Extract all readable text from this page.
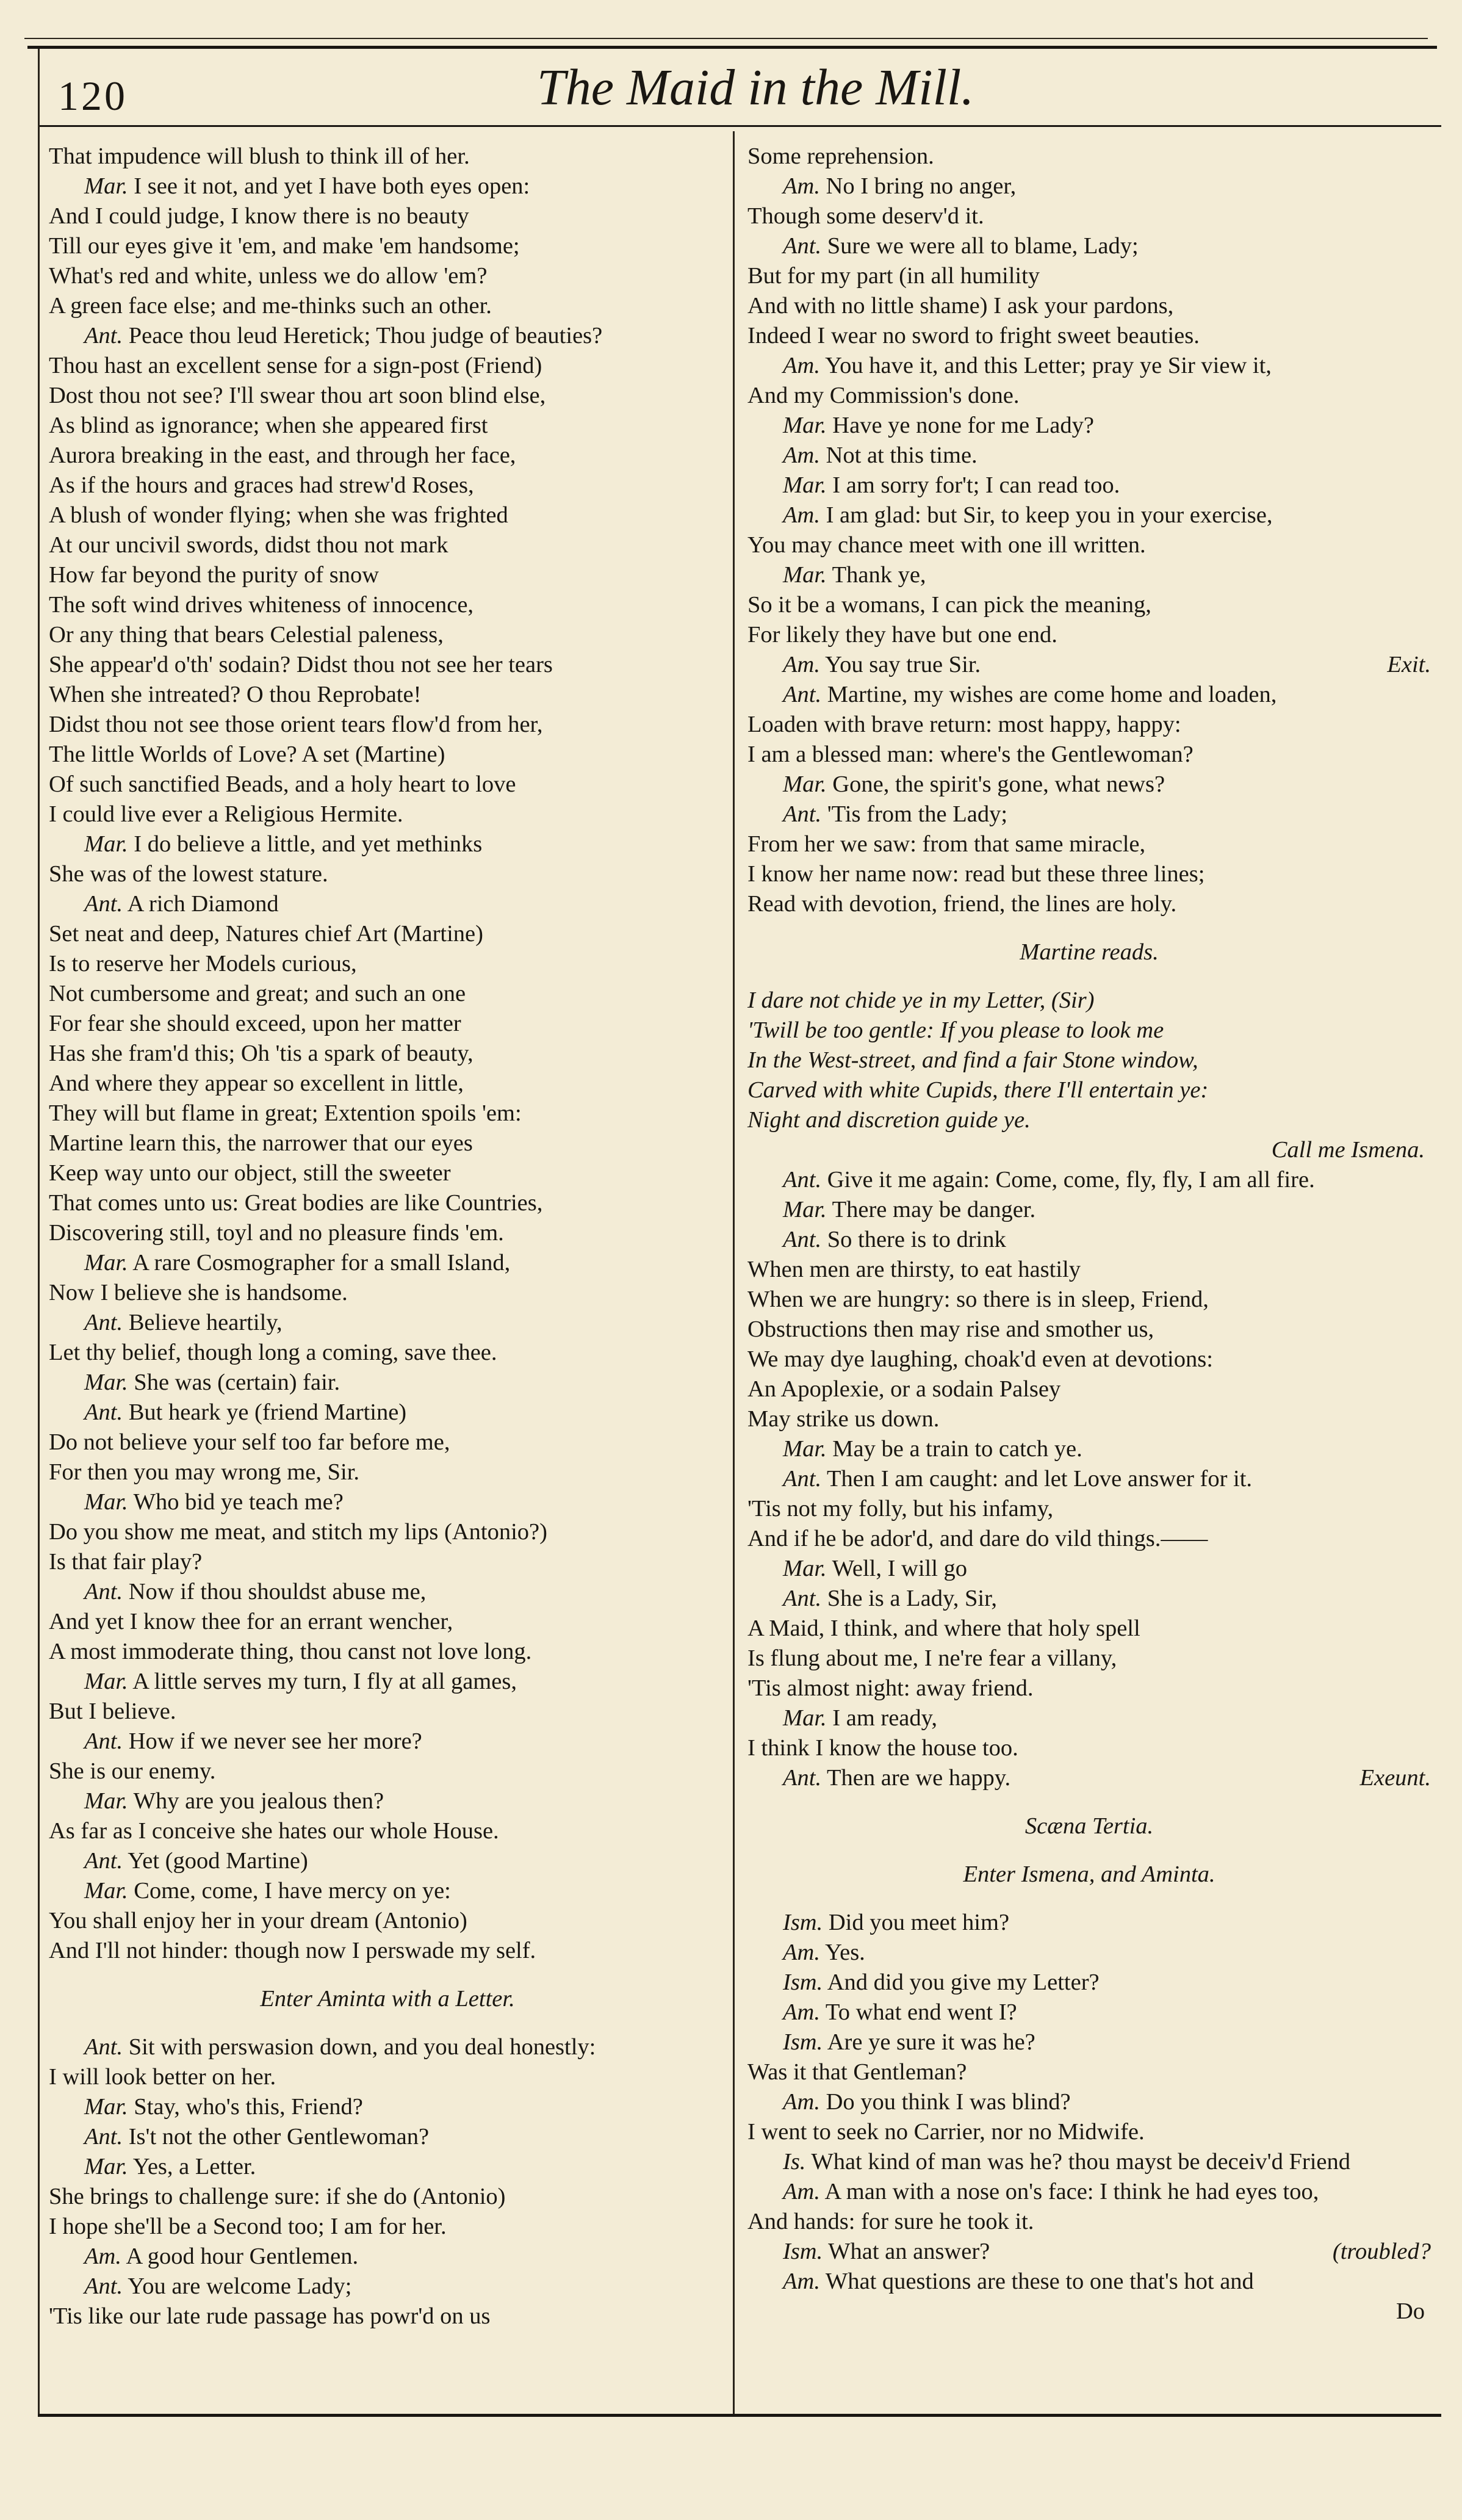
120	The Maid in the Mill.
That impudence will blush to think ill of her.
Mar. I see it not, and yet I have both eyes open:
And I could judge, I know there is no beauty
Till our eyes give it 'em, and make 'em handsome;
What's red and white, unless we do allow 'em?
A green face else; and me-thinks such an other.
Ant. Peace thou leud Heretick; Thou judge of beauties?
Thou hast an excellent sense for a sign-post (Friend)
Dost thou not see? I'll swear thou art soon blind else,
As blind as ignorance; when she appeared first
Aurora breaking in the east, and through her face,
As if the hours and graces had strew'd Roses,
A blush of wonder flying; when she was frighted
At our uncivil swords, didst thou not mark
How far beyond the purity of snow
The soft wind drives whiteness of innocence,
Or any thing that bears Celestial paleness,
She appear'd o'th' sodain? Didst thou not see her tears
When she intreated? O thou Reprobate!
Didst thou not see those orient tears flow'd from her,
The little Worlds of Love? A set (Martine)
Of such sanctified Beads, and a holy heart to love
I could live ever a Religious Hermite.
Mar. I do believe a little, and yet methinks
She was of the lowest stature.
Ant. A rich Diamond
Set neat and deep, Natures chief Art (Martine)
Is to reserve her Models curious,
Not cumbersome and great; and such an one
For fear she should exceed, upon her matter
Has she fram'd this; Oh 'tis a spark of beauty,
And where they appear so excellent in little,
They will but flame in great; Extention spoils 'em:
Martine learn this, the narrower that our eyes
Keep way unto our object, still the sweeter
That comes unto us: Great bodies are like Countries,
Discovering still, toyl and no pleasure finds 'em.
Mar. A rare Cosmographer for a small Island,
Now I believe she is handsome.
Ant. Believe heartily,
Let thy belief, though long a coming, save thee.
Mar. She was (certain) fair.
Ant. But heark ye (friend Martine)
Do not believe your self too far before me,
For then you may wrong me, Sir.
Mar. Who bid ye teach me?
Do you show me meat, and stitch my lips (Antonio?)
Is that fair play?
Ant. Now if thou shouldst abuse me,
And yet I know thee for an errant wencher,
A most immoderate thing, thou canst not love long.
Mar. A little serves my turn, I fly at all games,
But I believe.
Ant. How if we never see her more?
She is our enemy.
Mar. Why are you jealous then?
As far as I conceive she hates our whole House.
Ant. Yet (good Martine)
Mar. Come, come, I have mercy on ye:
You shall enjoy her in your dream (Antonio)
And I'll not hinder: though now I perswade my self.
Enter Aminta with a Letter.
Ant. Sit with perswasion down, and you deal honestly:
I will look better on her.
Mar. Stay, who's this, Friend?
Ant. Is't not the other Gentlewoman?
Mar. Yes, a Letter.
She brings to challenge sure: if she do (Antonio)
I hope she'll be a Second too; I am for her.
Am. A good hour Gentlemen.
Ant. You are welcome Lady;
'Tis like our late rude passage has powr'd on us
Some reprehension.
Am. No I bring no anger,
Though some deserv'd it.
Ant. Sure we were all to blame, Lady;
But for my part (in all humility
And with no little shame) I ask your pardons,
Indeed I wear no sword to fright sweet beauties.
Am. You have it, and this Letter; pray ye Sir view it,
And my Commission's done.
Mar. Have ye none for me Lady?
Am. Not at this time.
Mar. I am sorry for't; I can read too.
Am. I am glad: but Sir, to keep you in your exercise,
You may chance meet with one ill written.
Mar. Thank ye,
So it be a womans, I can pick the meaning,
For likely they have but one end.
Am. You say true Sir.	Exit.
Ant. Martine, my wishes are come home and loaden,
Loaden with brave return: most happy, happy:
I am a blessed man: where's the Gentlewoman?
Mar. Gone, the spirit's gone, what news?
Ant. 'Tis from the Lady;
From her we saw: from that same miracle,
I know her name now: read but these three lines;
Read with devotion, friend, the lines are holy.
Martine reads.
I dare not chide ye in my Letter, (Sir)
'Twill be too gentle: If you please to look me
In the West-street, and find a fair Stone window,
Carved with white Cupids, there I'll entertain ye:
Night and discretion guide ye.
Call me Ismena.
Ant. Give it me again: Come, come, fly, fly, I am all fire.
Mar. There may be danger.
Ant. So there is to drink
When men are thirsty, to eat hastily
When we are hungry: so there is in sleep, Friend,
Obstructions then may rise and smother us,
We may dye laughing, choak'd even at devotions:
An Apoplexie, or a sodain Palsey
May strike us down.
Mar. May be a train to catch ye.
Ant. Then I am caught: and let Love answer for it.
'Tis not my folly, but his infamy,
And if he be ador'd, and dare do vild things.——
Mar. Well, I will go
Ant. She is a Lady, Sir,
A Maid, I think, and where that holy spell
Is flung about me, I ne're fear a villany,
'Tis almost night: away friend.
Mar. I am ready,
I think I know the house too.
Ant. Then are we happy.	Exeunt.
Scæna Tertia.
Enter Ismena, and Aminta.
Ism. Did you meet him?
Am. Yes.
Ism. And did you give my Letter?
Am. To what end went I?
Ism. Are ye sure it was he?
Was it that Gentleman?
Am. Do you think I was blind?
I went to seek no Carrier, nor no Midwife.
Is. What kind of man was he? thou mayst be deceiv'd Friend
Am. A man with a nose on's face: I think he had eyes too,
And hands: for sure he took it.
Ism. What an answer?	(troubled?
Am. What questions are these to one that's hot and
Do
